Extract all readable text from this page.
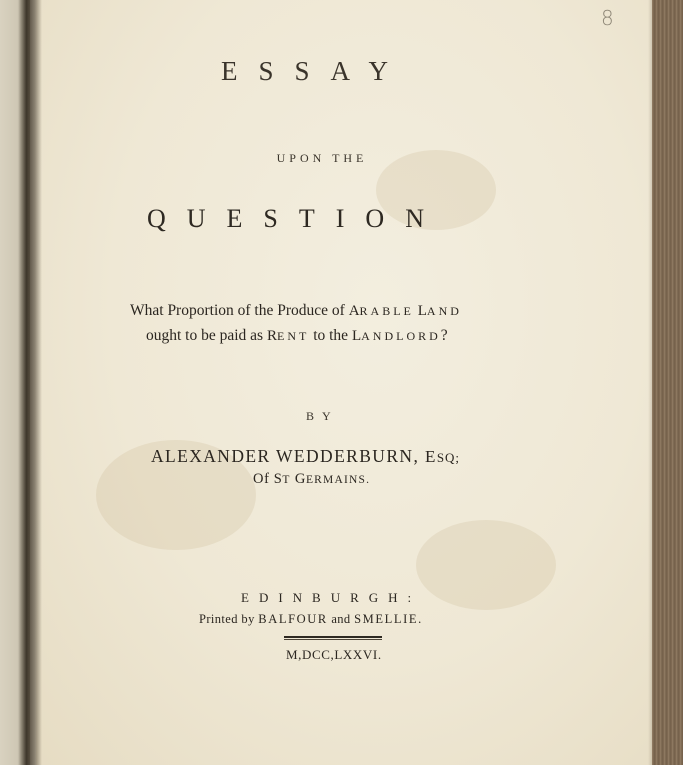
8
ESSAY
UPON THE
QUESTION
What Proportion of the Produce of ARABLE LAND
ought to be paid as RENT to the LANDLORD?
BY
ALEXANDER WEDDERBURN, ESQ;
Of ST GERMAINS.
EDINBURGH:
Printed by BALFOUR and SMELLIE.
M,DCC,LXXVI.
